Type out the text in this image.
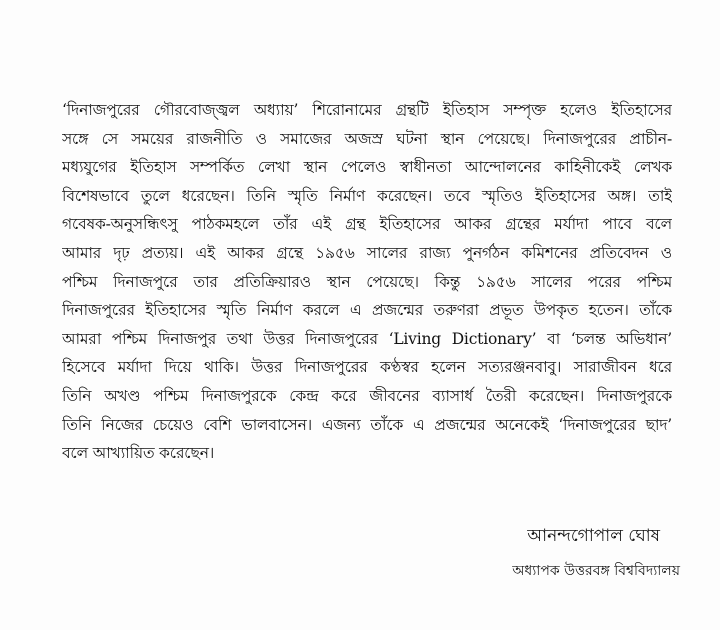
‘দিনাজপুরের গৌরবোজ্জ্বল অধ্যায়’ শিরোনামের গ্রন্থটি ইতিহাস সম্পৃক্ত হলেও ইতিহাসের
সঙ্গে সে সময়ের রাজনীতি ও সমাজের অজস্র ঘটনা স্থান পেয়েছে। দিনাজপুরের প্রাচীন-
মধ্যযুগের ইতিহাস সম্পর্কিত লেখা স্থান পেলেও স্বাধীনতা আন্দোলনের কাহিনীকেই লেখক
বিশেষভাবে তুলে ধরেছেন। তিনি স্মৃতি নির্মাণ করেছেন। তবে স্মৃতিও ইতিহাসের অঙ্গ। তাই
গবেষক-অনুসন্ধিৎসু পাঠকমহলে তাঁর এই গ্রন্থ ইতিহাসের আকর গ্রন্থের মর্যাদা পাবে বলে
আমার দৃঢ় প্রত্যয়। এই আকর গ্রন্থে ১৯৫৬ সালের রাজ্য পুনর্গঠন কমিশনের প্রতিবেদন ও
পশ্চিম দিনাজপুরে তার প্রতিক্রিয়ারও স্থান পেয়েছে। কিন্তু ১৯৫৬ সালের পরের পশ্চিম
দিনাজপুরের ইতিহাসের স্মৃতি নির্মাণ করলে এ প্রজন্মের তরুণরা প্রভূত উপকৃত হতেন। তাঁকে
আমরা পশ্চিম দিনাজপুর তথা উত্তর দিনাজপুরের ‘Living Dictionary’ বা ‘চলন্ত অভিধান’
হিসেবে মর্যাদা দিয়ে থাকি। উত্তর দিনাজপুরের কণ্ঠস্বর হলেন সত্যরঞ্জনবাবু। সারাজীবন ধরে
তিনি অখণ্ড পশ্চিম দিনাজপুরকে কেন্দ্র করে জীবনের ব্যাসার্ধ তৈরী করেছেন। দিনাজপুরকে
তিনি নিজের চেয়েও বেশি ভালবাসেন। এজন্য তাঁকে এ প্রজন্মের অনেকেই ‘দিনাজপুরের ছাদ’
বলে আখ্যায়িত করেছেন।
আনন্দগোপাল ঘোষ
অধ্যাপক উত্তরবঙ্গ বিশ্ববিদ্যালয়
